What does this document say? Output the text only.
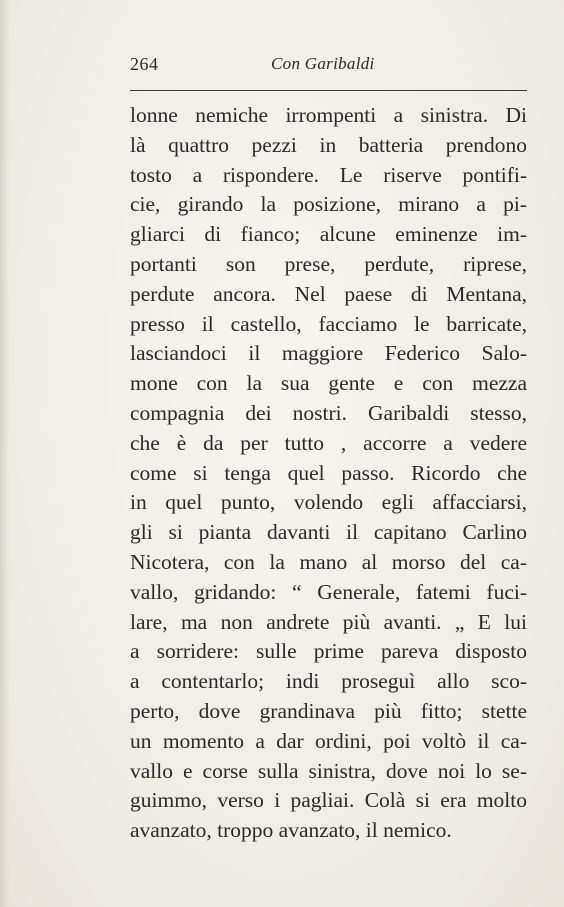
264	Con Garibaldi
lonne nemiche irrompenti a sinistra. Di
là quattro pezzi in batteria prendono
tosto a rispondere. Le riserve pontifi-
cie, girando la posizione, mirano a pi-
gliarci di fianco; alcune eminenze im-
portanti son prese, perdute, riprese,
perdute ancora. Nel paese di Mentana,
presso il castello, facciamo le barricate,
lasciandoci il maggiore Federico Salo-
mone con la sua gente e con mezza
compagnia dei nostri. Garibaldi stesso,
che è da per tutto , accorre a vedere
come si tenga quel passo. Ricordo che
in quel punto, volendo egli affacciarsi,
gli si pianta davanti il capitano Carlino
Nicotera, con la mano al morso del ca-
vallo, gridando: “ Generale, fatemi fuci-
lare, ma non andrete più avanti. „ E lui
a sorridere: sulle prime pareva disposto
a contentarlo; indi proseguì allo sco-
perto, dove grandinava più fitto; stette
un momento a dar ordini, poi voltò il ca-
vallo e corse sulla sinistra, dove noi lo se-
guimmo, verso i pagliai. Colà si era molto
avanzato, troppo avanzato, il nemico.
